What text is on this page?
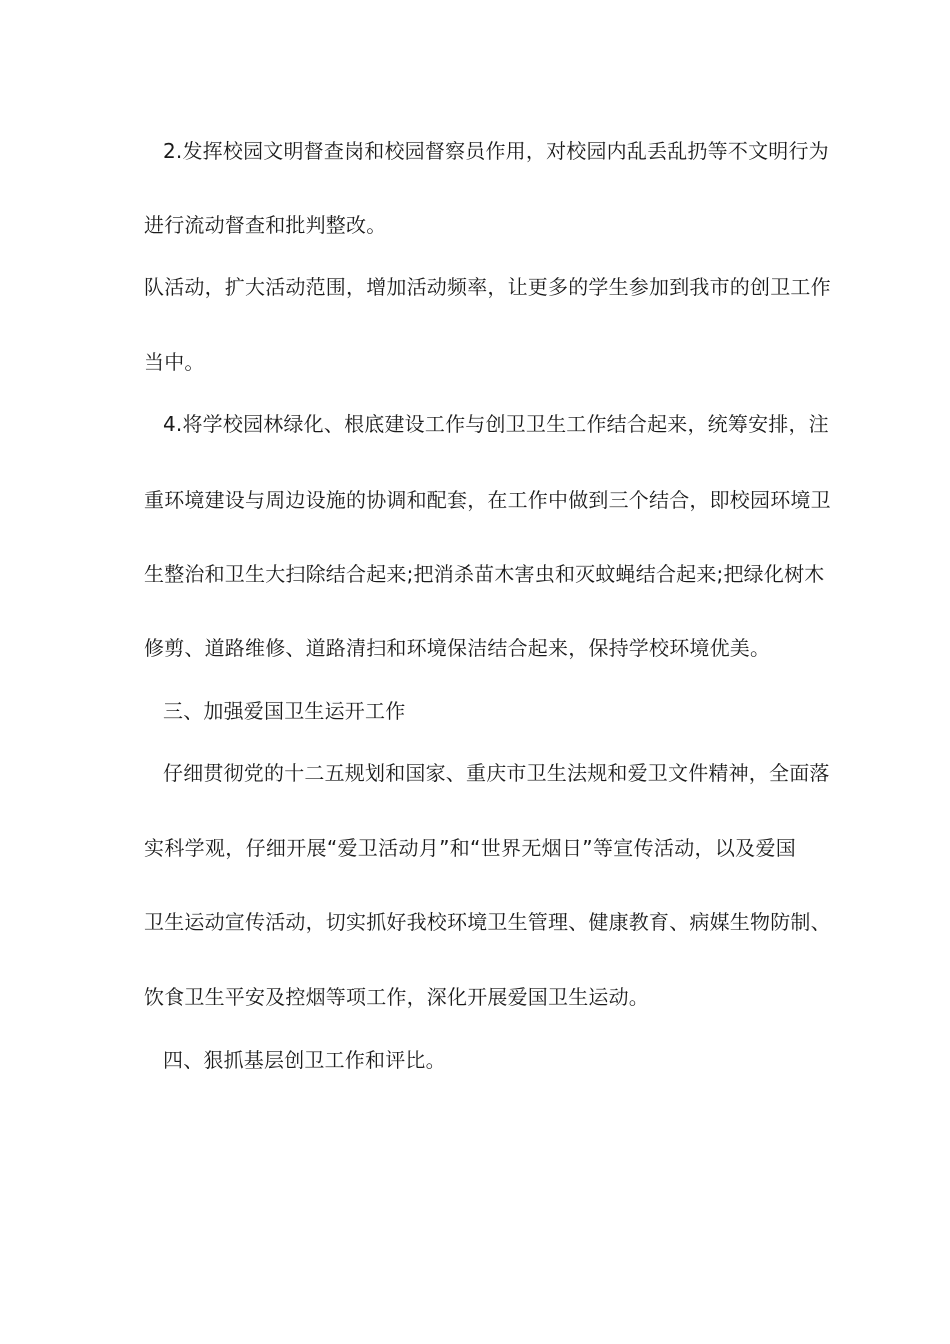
2.发挥校园文明督查岗和校园督察员作用，对校园内乱丢乱扔等不文明行为
进行流动督查和批判整改。
队活动，扩大活动范围，增加活动频率，让更多的学生参加到我市的创卫工作
当中。
4.将学校园林绿化、根底建设工作与创卫卫生工作结合起来，统筹安排，注
重环境建设与周边设施的协调和配套，在工作中做到三个结合，即校园环境卫
生整治和卫生大扫除结合起来;把消杀苗木害虫和灭蚊蝇结合起来;把绿化树木
修剪、道路维修、道路清扫和环境保洁结合起来，保持学校环境优美。
三、加强爱国卫生运开工作
仔细贯彻党的十二五规划和国家、重庆市卫生法规和爱卫文件精神，全面落
实科学观，仔细开展“爱卫活动月”和“世界无烟日”等宣传活动，以及爱国
卫生运动宣传活动，切实抓好我校环境卫生管理、健康教育、病媒生物防制、
饮食卫生平安及控烟等项工作，深化开展爱国卫生运动。
四、狠抓基层创卫工作和评比。
